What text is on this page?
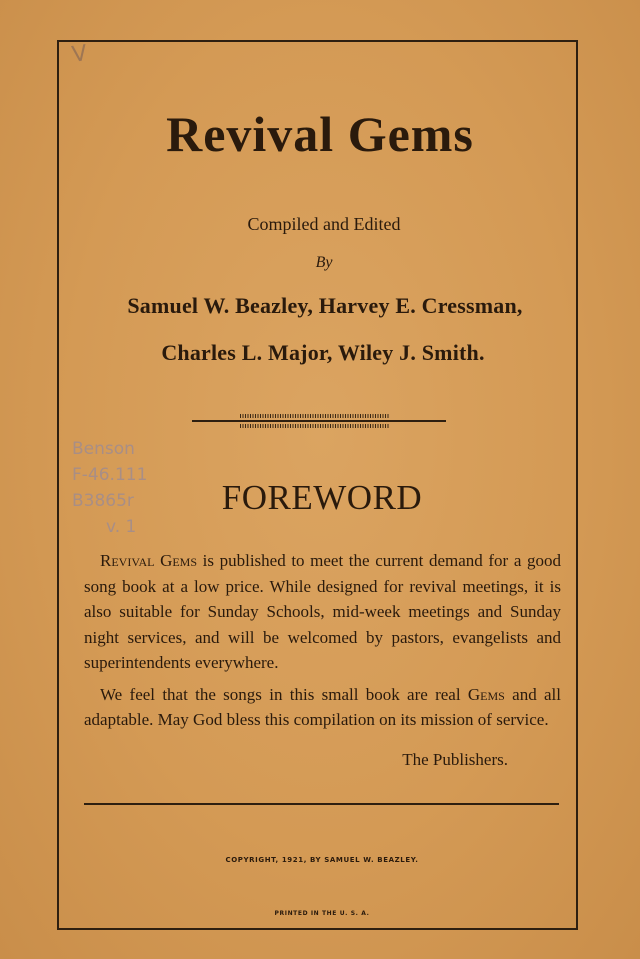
V
Revival Gems
Compiled and Edited
By
Samuel W. Beazley, Harvey E. Cressman,
Charles L. Major, Wiley J. Smith.
Benson
F-46.111
B3865r
v. 1
FOREWORD

Revival Gems is published to meet the current demand for a good song book at a low price. While designed for revival meetings, it is also suitable for Sunday Schools, mid-week meetings and Sunday night services, and will be welcomed by pastors, evangelists and superintendents everywhere.

We feel that the songs in this small book are real Gems and all adaptable. May God bless this compilation on its mission of service.

The Publishers.
COPYRIGHT, 1921, BY SAMUEL W. BEAZLEY.
PRINTED IN THE U. S. A.
